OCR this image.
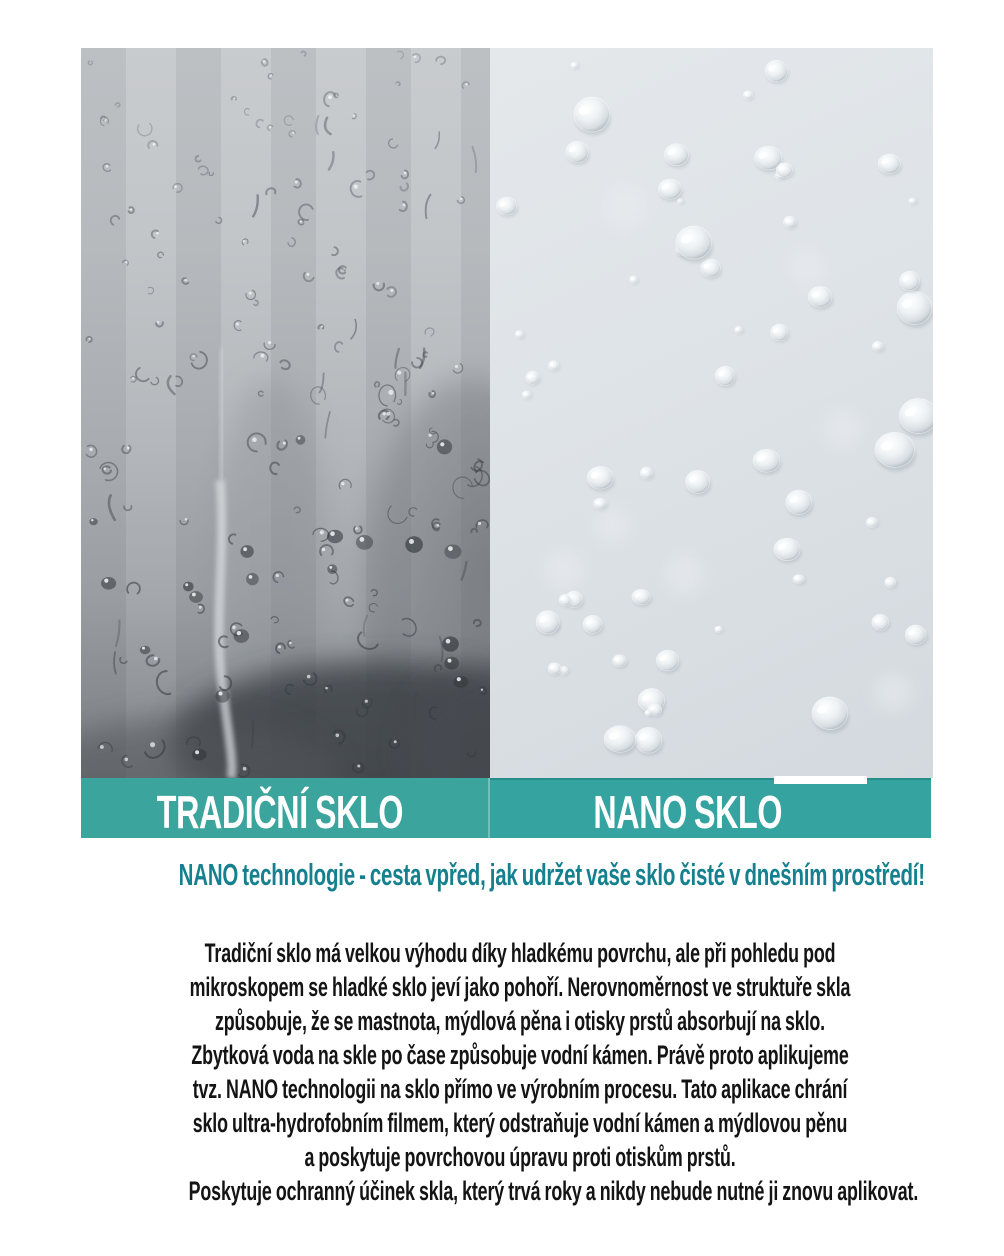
TRADIČNÍ SKLO	NANO SKLO
NANO technologie - cesta vpřed, jak udržet vaše sklo čisté v dnešním prostředí!
Tradiční sklo má velkou výhodu díky hladkému povrchu, ale při pohledu pod
mikroskopem se hladké sklo jeví jako pohoří. Nerovnoměrnost ve struktuře skla
způsobuje, že se mastnota, mýdlová pěna i otisky prstů absorbují na sklo.
Zbytková voda na skle po čase způsobuje vodní kámen. Právě proto aplikujeme
tvz. NANO technologii na sklo přímo ve výrobním procesu. Tato aplikace chrání
sklo ultra-hydrofobním filmem, který odstraňuje vodní kámen a mýdlovou pěnu
a poskytuje povrchovou úpravu proti otiskům prstů.
Poskytuje ochranný účinek skla, který trvá roky a nikdy nebude nutné ji znovu aplikovat.
